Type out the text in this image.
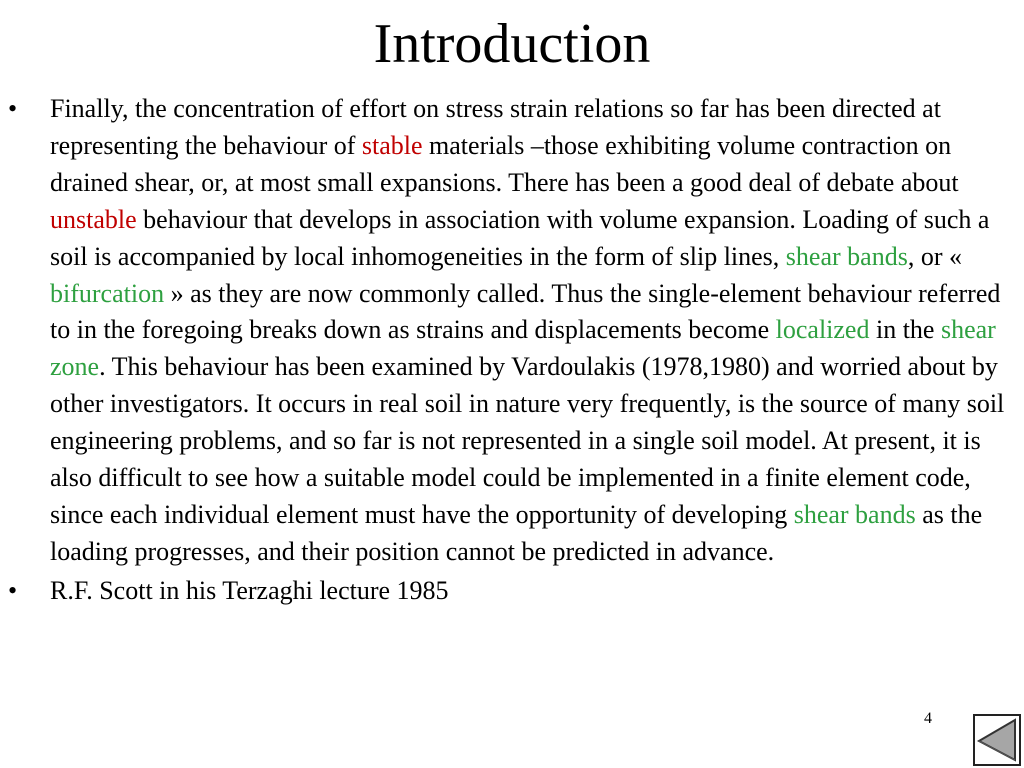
Introduction
•	Finally, the concentration of effort on stress strain relations so far has been directed at representing the behaviour of stable materials –those exhibiting volume contraction on drained shear, or, at most small expansions. There has been a good deal of debate about unstable behaviour that develops in association with volume expansion. Loading of such a soil is accompanied by local inhomogeneities in the form of slip lines, shear bands, or « bifurcation » as they are now commonly called. Thus the single-element behaviour referred to in the foregoing breaks down as strains and displacements become localized in the shear zone. This behaviour has been examined by Vardoulakis (1978,1980) and worried about by other investigators. It occurs in real soil in nature very frequently, is the source of many soil engineering problems, and so far is not represented in a single soil model. At present, it is also difficult to see how a suitable model could be implemented in a finite element code, since each individual element must have the opportunity of developing shear bands as the loading progresses, and their position cannot be predicted in advance.
•	R.F. Scott in his Terzaghi lecture 1985
4
